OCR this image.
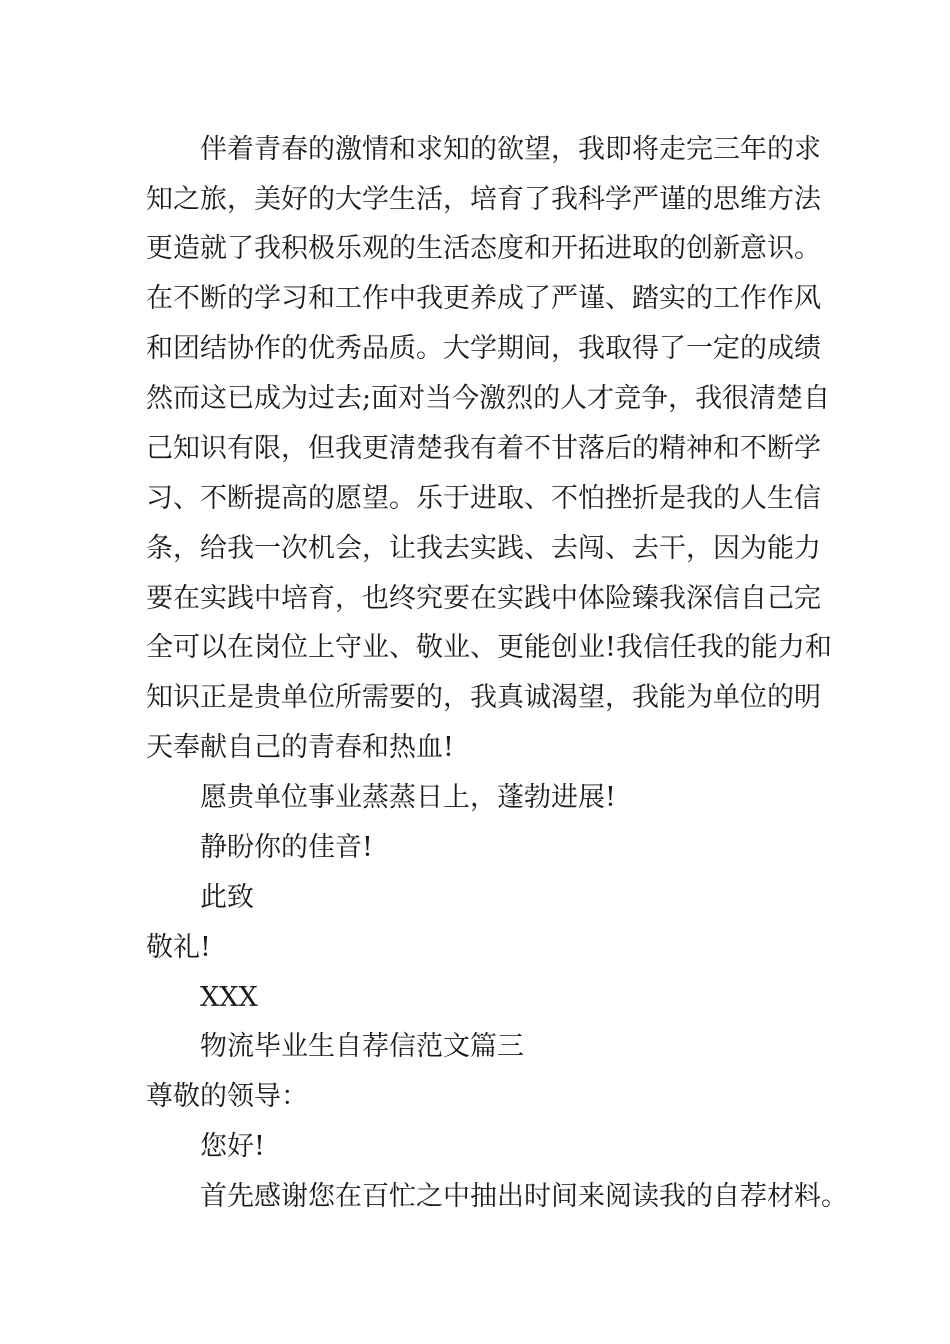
伴着青春的激情和求知的欲望，我即将走完三年的求
知之旅，美好的大学生活，培育了我科学严谨的思维方法
更造就了我积极乐观的生活态度和开拓进取的创新意识。
在不断的学习和工作中我更养成了严谨、踏实的工作作风
和团结协作的优秀品质。大学期间，我取得了一定的成绩
然而这已成为过去;面对当今激烈的人才竞争，我很清楚自
己知识有限，但我更清楚我有着不甘落后的精神和不断学
习、不断提高的愿望。乐于进取、不怕挫折是我的人生信
条，给我一次机会，让我去实践、去闯、去干，因为能力
要在实践中培育，也终究要在实践中体险臻我深信自己完
全可以在岗位上守业、敬业、更能创业!我信任我的能力和
知识正是贵单位所需要的，我真诚渴望，我能为单位的明
天奉献自己的青春和热血!
愿贵单位事业蒸蒸日上，蓬勃进展!
静盼你的佳音!
此致
敬礼!
XXX
物流毕业生自荐信范文篇三
尊敬的领导：
您好!
首先感谢您在百忙之中抽出时间来阅读我的自荐材料。
